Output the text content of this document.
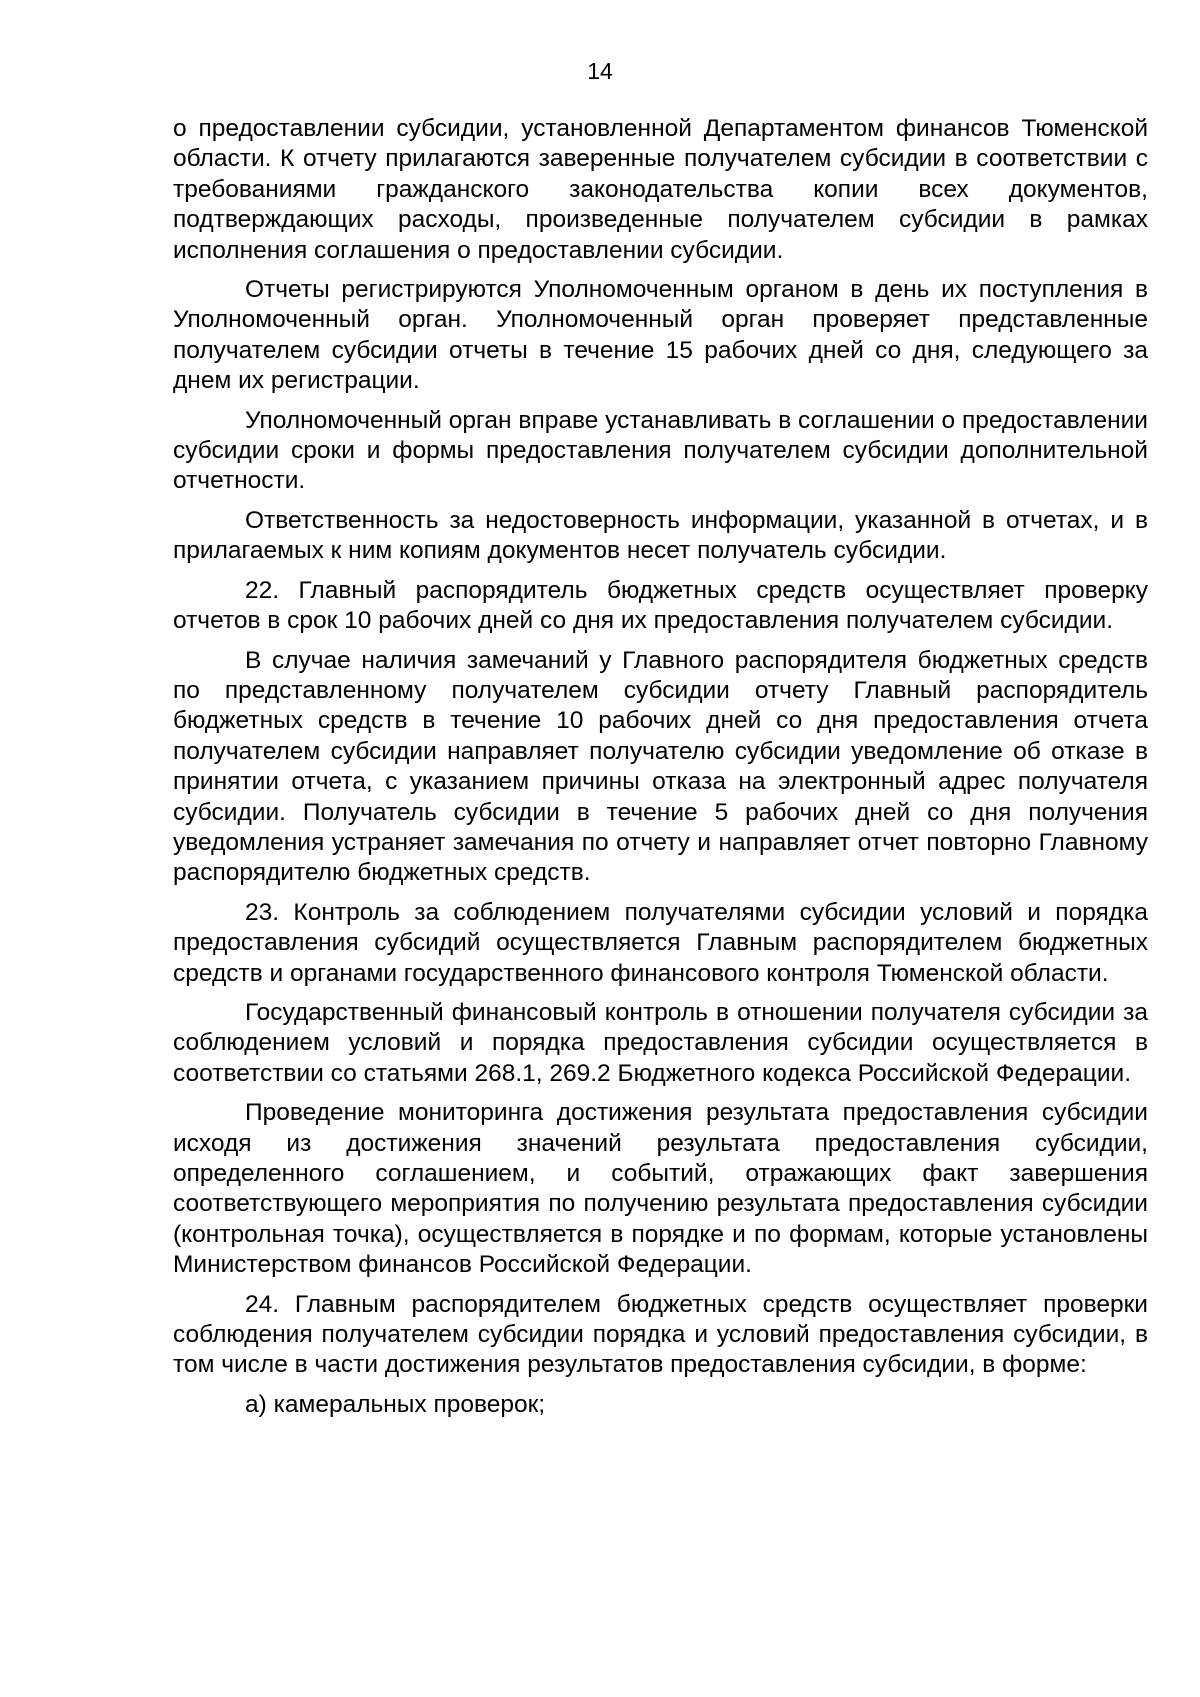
14

о предоставлении субсидии, установленной Департаментом финансов Тюменской области. К отчету прилагаются заверенные получателем субсидии в соответствии с требованиями гражданского законодательства копии всех документов, подтверждающих расходы, произведенные получателем субсидии в рамках исполнения соглашения о предоставлении субсидии.

Отчеты регистрируются Уполномоченным органом в день их поступления в Уполномоченный орган. Уполномоченный орган проверяет представленные получателем субсидии отчеты в течение 15 рабочих дней со дня, следующего за днем их регистрации.

Уполномоченный орган вправе устанавливать в соглашении о предоставлении субсидии сроки и формы предоставления получателем субсидии дополнительной отчетности.

Ответственность за недостоверность информации, указанной в отчетах, и в прилагаемых к ним копиям документов несет получатель субсидии.

22. Главный распорядитель бюджетных средств осуществляет проверку отчетов в срок 10 рабочих дней со дня их предоставления получателем субсидии.

В случае наличия замечаний у Главного распорядителя бюджетных средств по представленному получателем субсидии отчету Главный распорядитель бюджетных средств в течение 10 рабочих дней со дня предоставления отчета получателем субсидии направляет получателю субсидии уведомление об отказе в принятии отчета, с указанием причины отказа на электронный адрес получателя субсидии. Получатель субсидии в течение 5 рабочих дней со дня получения уведомления устраняет замечания по отчету и направляет отчет повторно Главному распорядителю бюджетных средств.

23. Контроль за соблюдением получателями субсидии условий и порядка предоставления субсидий осуществляется Главным распорядителем бюджетных средств и органами государственного финансового контроля Тюменской области.

Государственный финансовый контроль в отношении получателя субсидии за соблюдением условий и порядка предоставления субсидии осуществляется в соответствии со статьями 268.1, 269.2 Бюджетного кодекса Российской Федерации.

Проведение мониторинга достижения результата предоставления субсидии исходя из достижения значений результата предоставления субсидии, определенного соглашением, и событий, отражающих факт завершения соответствующего мероприятия по получению результата предоставления субсидии (контрольная точка), осуществляется в порядке и по формам, которые установлены Министерством финансов Российской Федерации.

24. Главным распорядителем бюджетных средств осуществляет проверки соблюдения получателем субсидии порядка и условий предоставления субсидии, в том числе в части достижения результатов предоставления субсидии, в форме:

а) камеральных проверок;
